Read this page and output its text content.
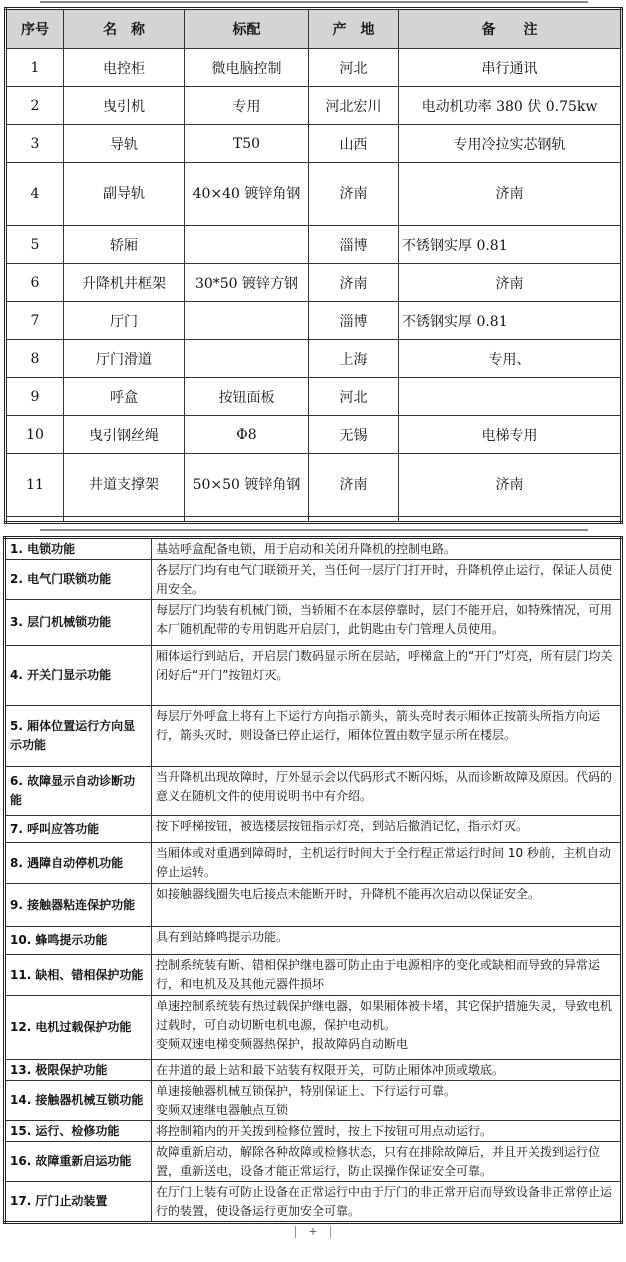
序号	名　称	标配	产　地	备　　注
1	电控柜	微电脑控制	河北	串行通讯
2	曳引机	专用	河北宏川	电动机功率 380 伏 0.75kw
3	导轨	T50	山西	专用冷拉实芯钢轨
4	副导轨	40×40 镀锌角钢	济南	济南
5	轿厢		淄博	不锈钢实厚 0.81
6	升降机井框架	30*50 镀锌方钢	济南	济南
7	厅门		淄博	不锈钢实厚 0.81
8	厅门滑道		上海	专用、
9	呼盒	按钮面板	河北	
10	曳引钢丝绳	Φ8	无锡	电梯专用
11	井道支撑架	50×50 镀锌角钢	济南	济南

1. 电锁功能	基站呼盒配备电锁，用于启动和关闭升降机的控制电路。

2. 电气门联锁功能	各层厅门均有电气门联锁开关，当任何一层厅门打开时，升降机停止运行，保证人员使用安全。

3. 层门机械锁功能	每层厅门均装有机械门锁，当轿厢不在本层停靠时，层门不能开启，如特殊情况，可用本厂随机配带的专用钥匙开启层门，此钥匙由专门管理人员使用。

4. 开关门显示功能	厢体运行到站后，开启层门数码显示所在层站，呼梯盒上的“开门”灯亮，所有层门均关闭好后“开门”按钮灯灭。

5. 厢体位置运行方向显示功能	每层厅外呼盒上将有上下运行方向指示箭头，箭头亮时表示厢体正按箭头所指方向运行，箭头灭时，则设备已停止运行，厢体位置由数字显示所在楼层。

6. 故障显示自动诊断功能	当升降机出现故障时，厅外显示会以代码形式不断闪烁，从而诊断故障及原因。代码的意义在随机文件的使用说明书中有介绍。

7. 呼叫应答功能	按下呼梯按钮，被选楼层按钮指示灯亮，到站后撤消记忆，指示灯灭。

8. 遇障自动停机功能	当厢体或对重遇到障碍时，主机运行时间大于全行程正常运行时间 10 秒前，主机自动停止运转。

9. 接触器粘连保护功能	如接触器线圈失电后接点未能断开时，升降机不能再次启动以保证安全。

10. 蜂鸣提示功能	具有到站蜂鸣提示功能。

11. 缺相、错相保护功能	控制系统装有断、错相保护继电器可防止由于电源相序的变化或缺相而导致的异常运行，和电机及及其他元器件损坏

12. 电机过载保护功能	单速控制系统装有热过载保护继电器，如果厢体被卡堵，其它保护措施失灵，导致电机过载时，可自动切断电机电源，保护电动机。
变频双速电梯变频器热保护，报故障码自动断电

13. 极限保护功能	在井道的最上站和最下站装有权限开关，可防止厢体冲顶或墩底。

14. 接触器机械互锁功能	单速接触器机械互锁保护，特别保证上、下行运行可靠。
变频双速继电器触点互锁

15. 运行、检修功能	将控制箱内的开关拨到检修位置时，按上下按钮可用点动运行。

16. 故障重新启运功能	故障重新启动，解除各种故障或检修状态，只有在排除故障后，并且开关拨到运行位置，重新送电，设备才能正常运行，防止误操作保证安全可靠。

17. 厅门止动装置	在厅门上装有可防止设备在正常运行中由于厅门的非正常开启而导致设备非正常停止运行的装置，使设备运行更加安全可靠。
+
